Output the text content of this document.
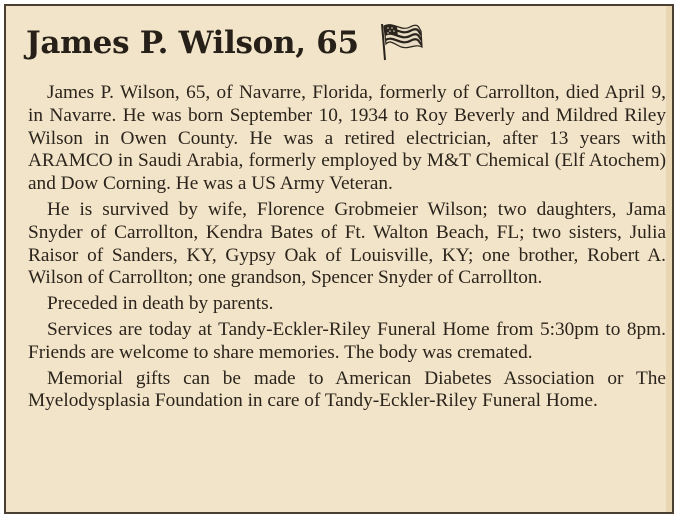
James P. Wilson, 65

James P. Wilson, 65, of Navarre, Florida, formerly of Carrollton, died April 9, in Navarre. He was born September 10, 1934 to Roy Beverly and Mildred Riley Wilson in Owen County. He was a retired electrician, after 13 years with ARAMCO in Saudi Arabia, formerly employed by M&T Chemical (Elf Atochem) and Dow Corning. He was a US Army Veteran.

He is survived by wife, Florence Grobmeier Wilson; two daughters, Jama Snyder of Carrollton, Kendra Bates of Ft. Walton Beach, FL; two sisters, Julia Raisor of Sanders, KY, Gypsy Oak of Louisville, KY; one brother, Robert A. Wilson of Carrollton; one grandson, Spencer Snyder of Carrollton.

Preceded in death by parents.

Services are today at Tandy-Eckler-Riley Funeral Home from 5:30pm to 8pm. Friends are welcome to share memories. The body was cremated.

Memorial gifts can be made to American Diabetes Association or The Myelodysplasia Foundation in care of Tandy-Eckler-Riley Funeral Home.
